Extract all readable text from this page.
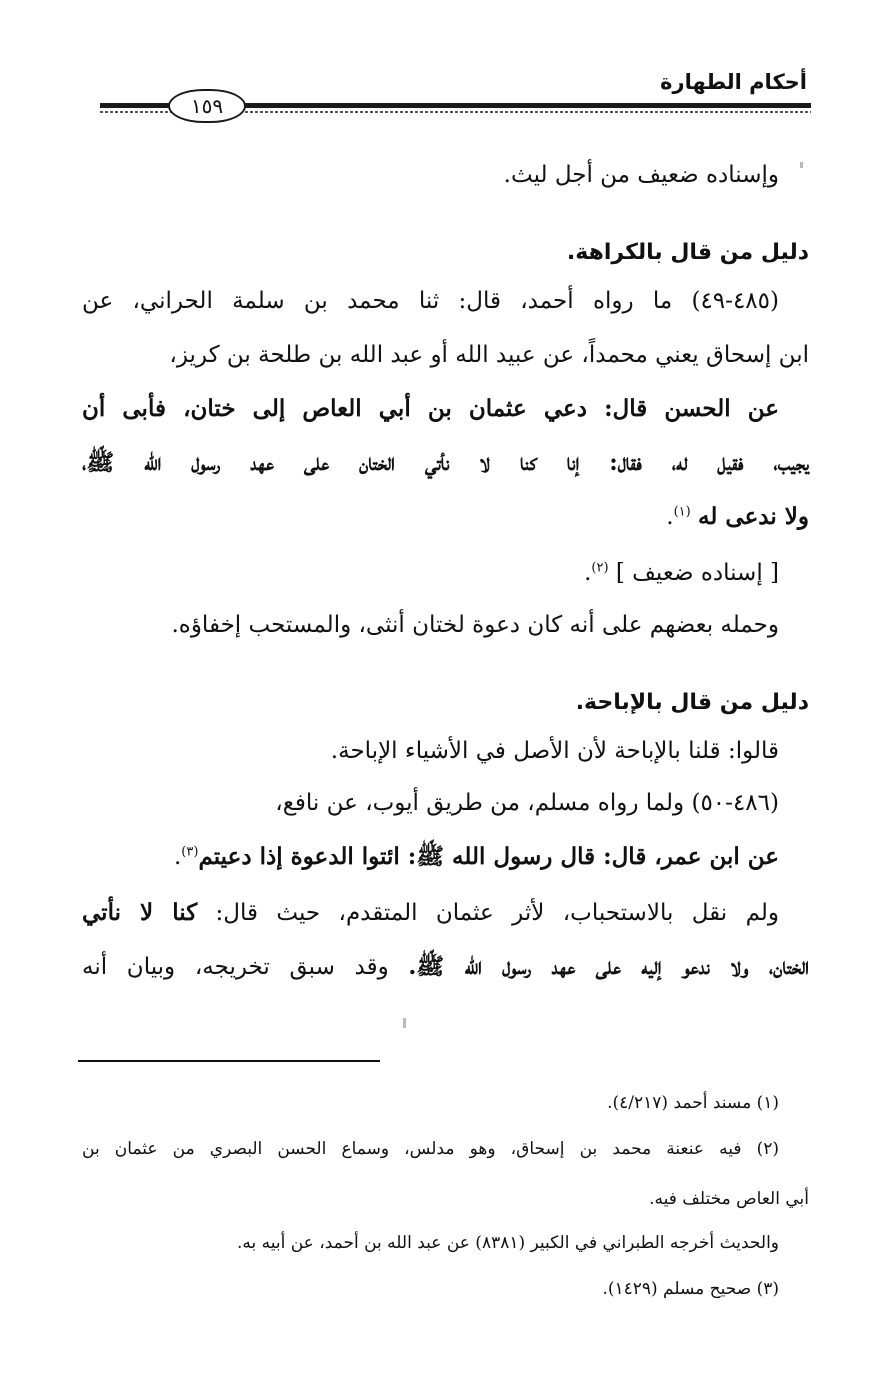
أحكام الطهارة
١٥٩
وإسناده ضعيف من أجل ليث.
دليل من قال بالكراهة.
(٤٨٥-٤٩) ما رواه أحمد، قال: ثنا محمد بن سلمة الحراني، عن
ابن إسحاق يعني محمداً، عن عبيد الله أو عبد الله بن طلحة بن كريز،
عن الحسن قال: دعي عثمان بن أبي العاص إلى ختان، فأبى أن
يجيب، فقيل له، فقال: إنا كنا لا نأتي الختان على عهد رسول الله ﷺ،
ولا ندعى له $^{(١)}$.
[ إسناده ضعيف ] $^{(٢)}$.
وحمله بعضهم على أنه كان دعوة لختان أنثى، والمستحب إخفاؤه.
دليل من قال بالإباحة.
قالوا: قلنا بالإباحة لأن الأصل في الأشياء الإباحة.
(٤٨٦-٥٠) ولما رواه مسلم، من طريق أيوب، عن نافع،
عن ابن عمر، قال: قال رسول الله ﷺ: ائتوا الدعوة إذا دعيتم$^{(٣)}$.
ولم نقل بالاستحباب، لأثر عثمان المتقدم، حيث قال: كنا لا نأتي
الختان، ولا ندعو إليه على عهد رسول الله ﷺ. وقد سبق تخريجه، وبيان أنه
(١) مسند أحمد (٤/٢١٧).
(٢) فيه عنعنة محمد بن إسحاق، وهو مدلس، وسماع الحسن البصري من عثمان بن
أبي العاص مختلف فيه.
والحديث أخرجه الطبراني في الكبير (٨٣٨١) عن عبد الله بن أحمد، عن أبيه به.
(٣) صحيح مسلم (١٤٢٩).
